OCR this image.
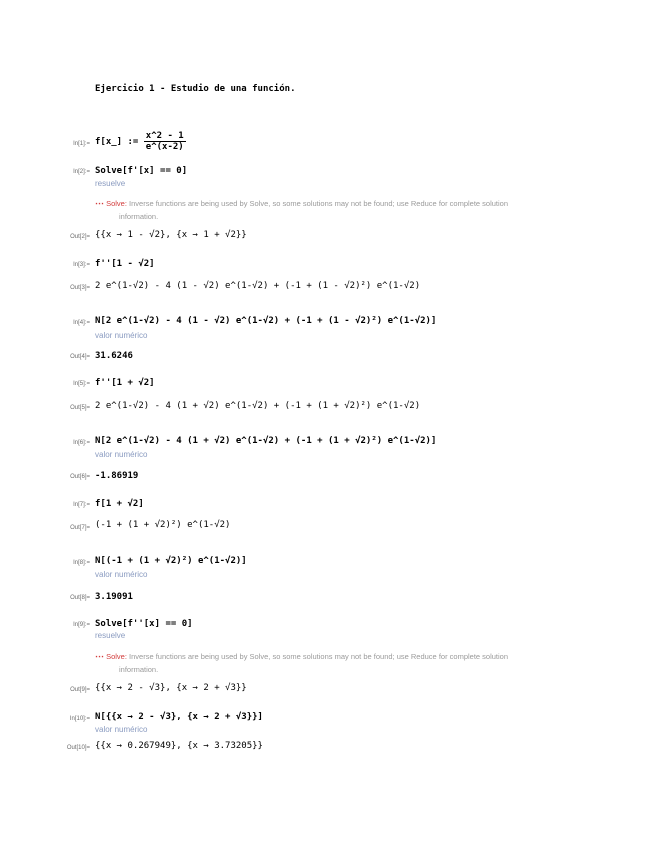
Ejercicio 1 - Estudio de una función.
In[1]:= f[x_] := $\frac{x\^{}2 - 1}{e\^{}(x-2)}$
In[2]:= Solve[f'[x] == 0]
resuelve
⋯ Solve: Inverse functions are being used by Solve, so some solutions may not be found; use Reduce for complete solution
information.
Out[2]= {{x → 1 - √2}, {x → 1 + √2}}
In[3]:= f''[1 - √2]
Out[3]= 2 e^(1-√2) - 4 (1 - √2) e^(1-√2) + (-1 + (1 - √2)²) e^(1-√2)
In[4]:= N[2 e^(1-√2) - 4 (1 - √2) e^(1-√2) + (-1 + (1 - √2)²) e^(1-√2)]
valor numérico
Out[4]= 31.6246
In[5]:= f''[1 + √2]
Out[5]= 2 e^(1-√2) - 4 (1 + √2) e^(1-√2) + (-1 + (1 + √2)²) e^(1-√2)
In[6]:= N[2 e^(1-√2) - 4 (1 + √2) e^(1-√2) + (-1 + (1 + √2)²) e^(1-√2)]
valor numérico
Out[6]= -1.86919
In[7]:= f[1 + √2]
Out[7]= (-1 + (1 + √2)²) e^(1-√2)
In[8]:= N[(-1 + (1 + √2)²) e^(1-√2)]
valor numérico
Out[8]= 3.19091
In[9]:= Solve[f''[x] == 0]
resuelve
⋯ Solve: Inverse functions are being used by Solve, so some solutions may not be found; use Reduce for complete solution
information.
Out[9]= {{x → 2 - √3}, {x → 2 + √3}}
In[10]:= N[{{x → 2 - √3}, {x → 2 + √3}}]
valor numérico
Out[10]= {{x → 0.267949}, {x → 3.73205}}
